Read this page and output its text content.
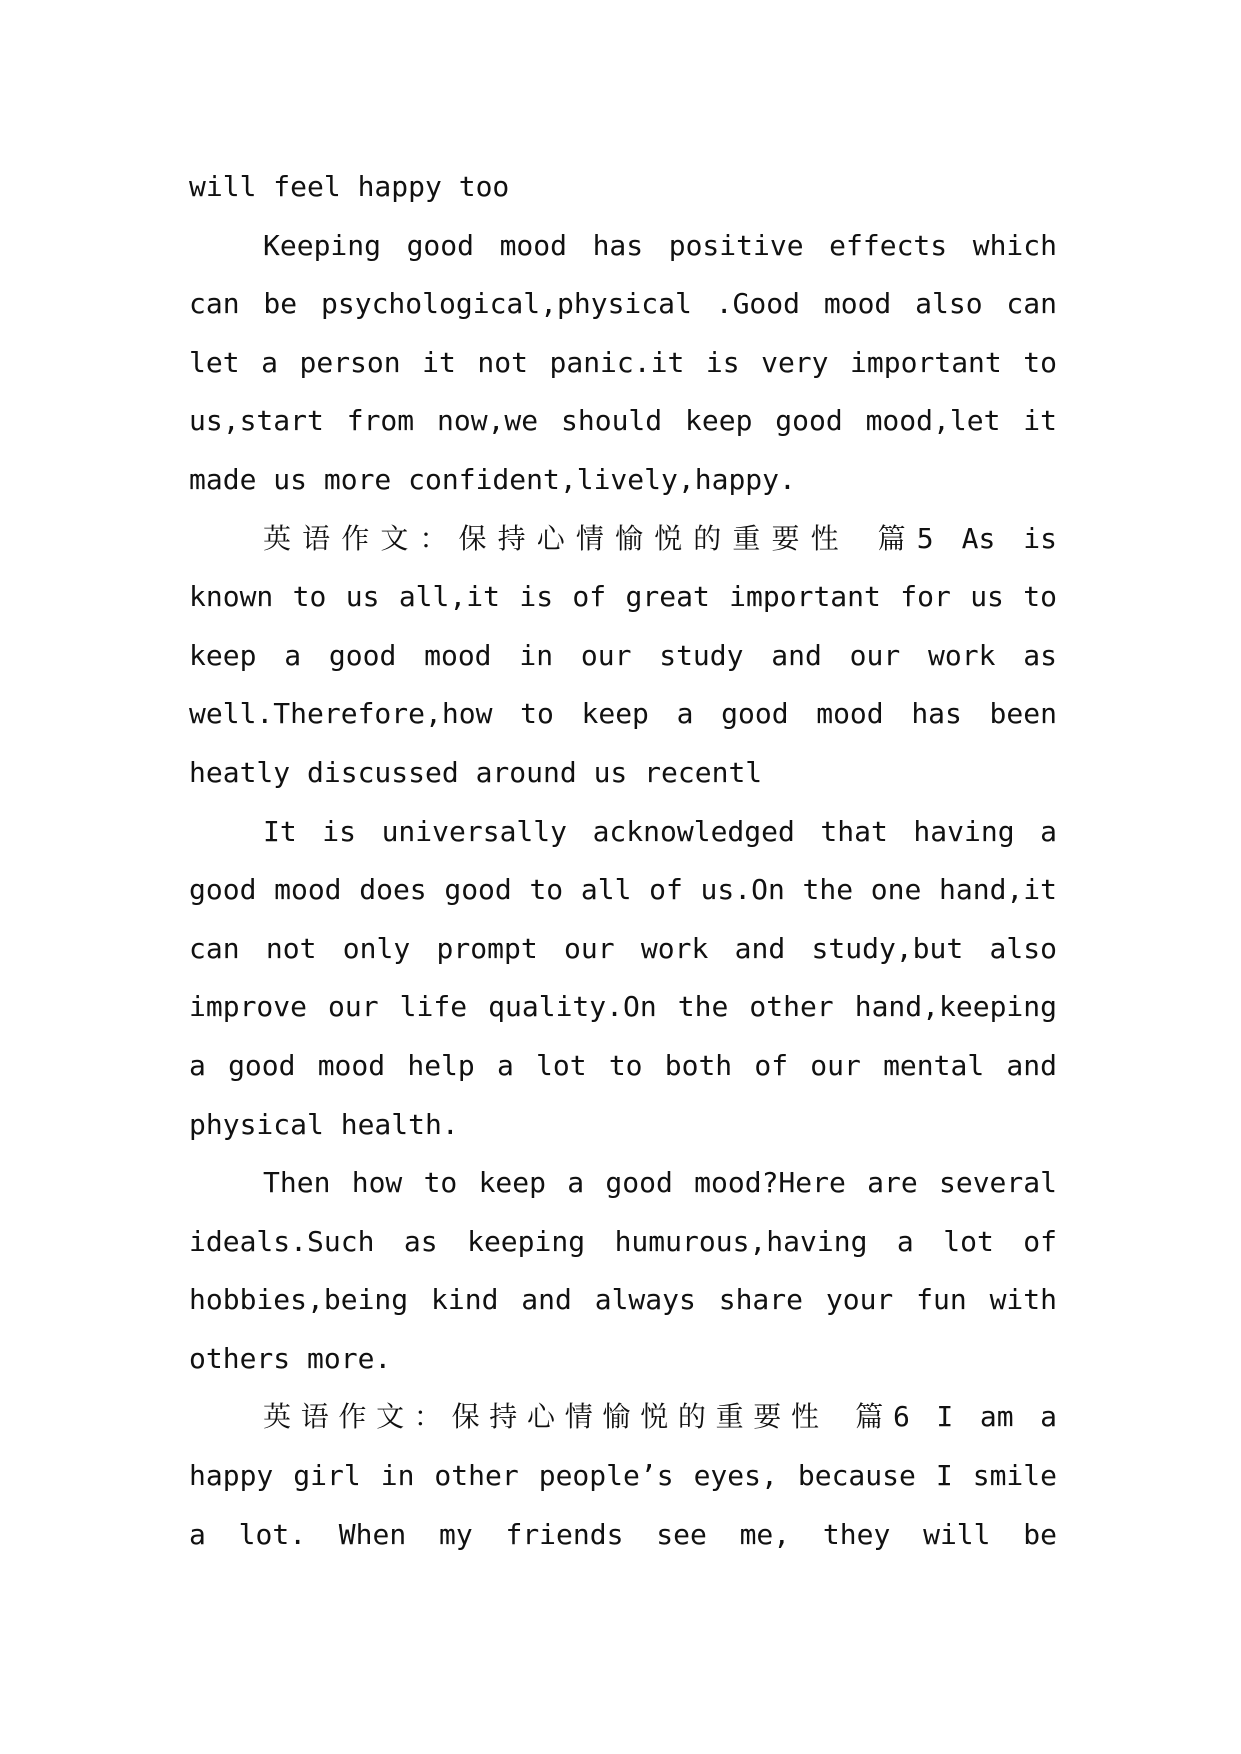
will feel happy too
Keeping good mood has positive effects which
can be psychological,physical .Good mood also can
let a person it not panic.it is very important to
us,start from now,we should keep good mood,let it
made us more confident,lively,happy.
英语作文：保持心情愉悦的重要性 篇5 As is
known to us all,it is of great important for us to
keep a good mood in our study and our work as
well.Therefore,how to keep a good mood has been
heatly discussed around us recentl
It is universally acknowledged that having a
good mood does good to all of us.On the one hand,it
can not only prompt our work and study,but also
improve our life quality.On the other hand,keeping
a good mood help a lot to both of our mental and
physical health.
Then how to keep a good mood?Here are several
ideals.Such as keeping humurous,having a lot of
hobbies,being kind and always share your fun with
others more.
英语作文：保持心情愉悦的重要性 篇6 I am a
happy girl in other people’s eyes, because I smile
a lot. When my friends see me, they will be
